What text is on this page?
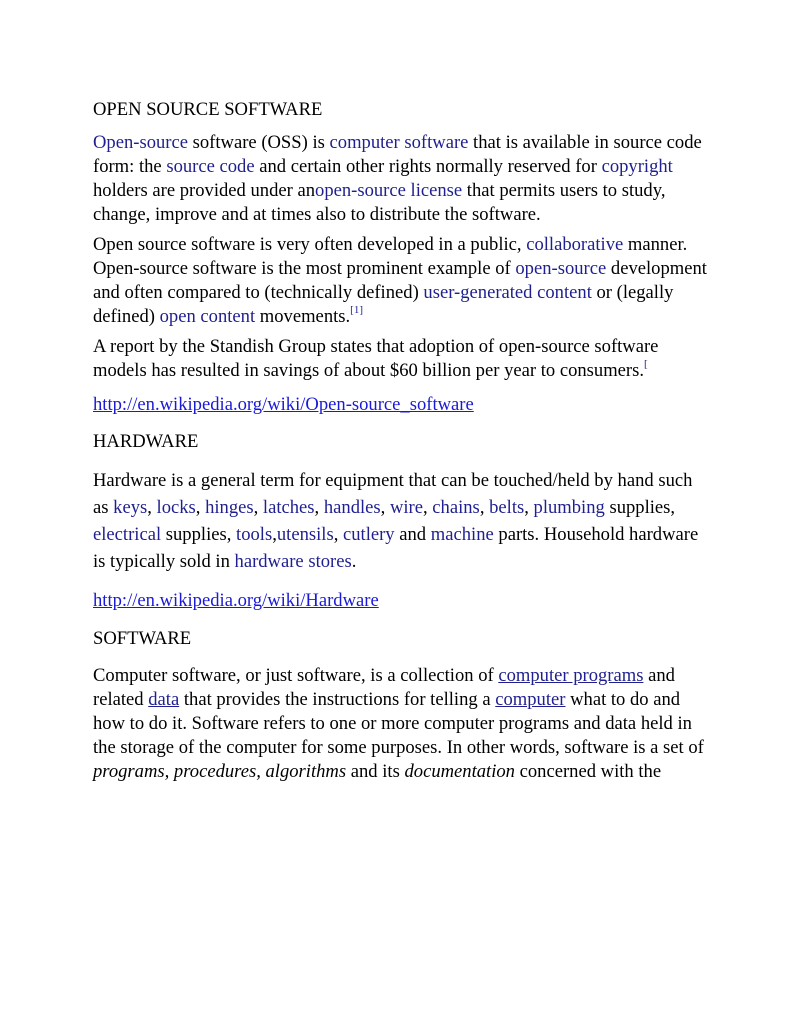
OPEN SOURCE SOFTWARE

Open-source software (OSS) is computer software that is available in source code form: the source code and certain other rights normally reserved for copyright holders are provided under anopen-source license that permits users to study, change, improve and at times also to distribute the software.

Open source software is very often developed in a public, collaborative manner. Open-source software is the most prominent example of open-source development and often compared to (technically defined) user-generated content or (legally defined) open content movements.[1]

A report by the Standish Group states that adoption of open-source software models has resulted in savings of about $60 billion per year to consumers.[

http://en.wikipedia.org/wiki/Open-source_software

HARDWARE

Hardware is a general term for equipment that can be touched/held by hand such as keys, locks, hinges, latches, handles, wire, chains, belts, plumbing supplies, electrical supplies, tools,utensils, cutlery and machine parts. Household hardware is typically sold in hardware stores.

http://en.wikipedia.org/wiki/Hardware

SOFTWARE

Computer software, or just software, is a collection of computer programs and related data that provides the instructions for telling a computer what to do and how to do it. Software refers to one or more computer programs and data held in the storage of the computer for some purposes. In other words, software is a set of programs, procedures, algorithms and its documentation concerned with the
